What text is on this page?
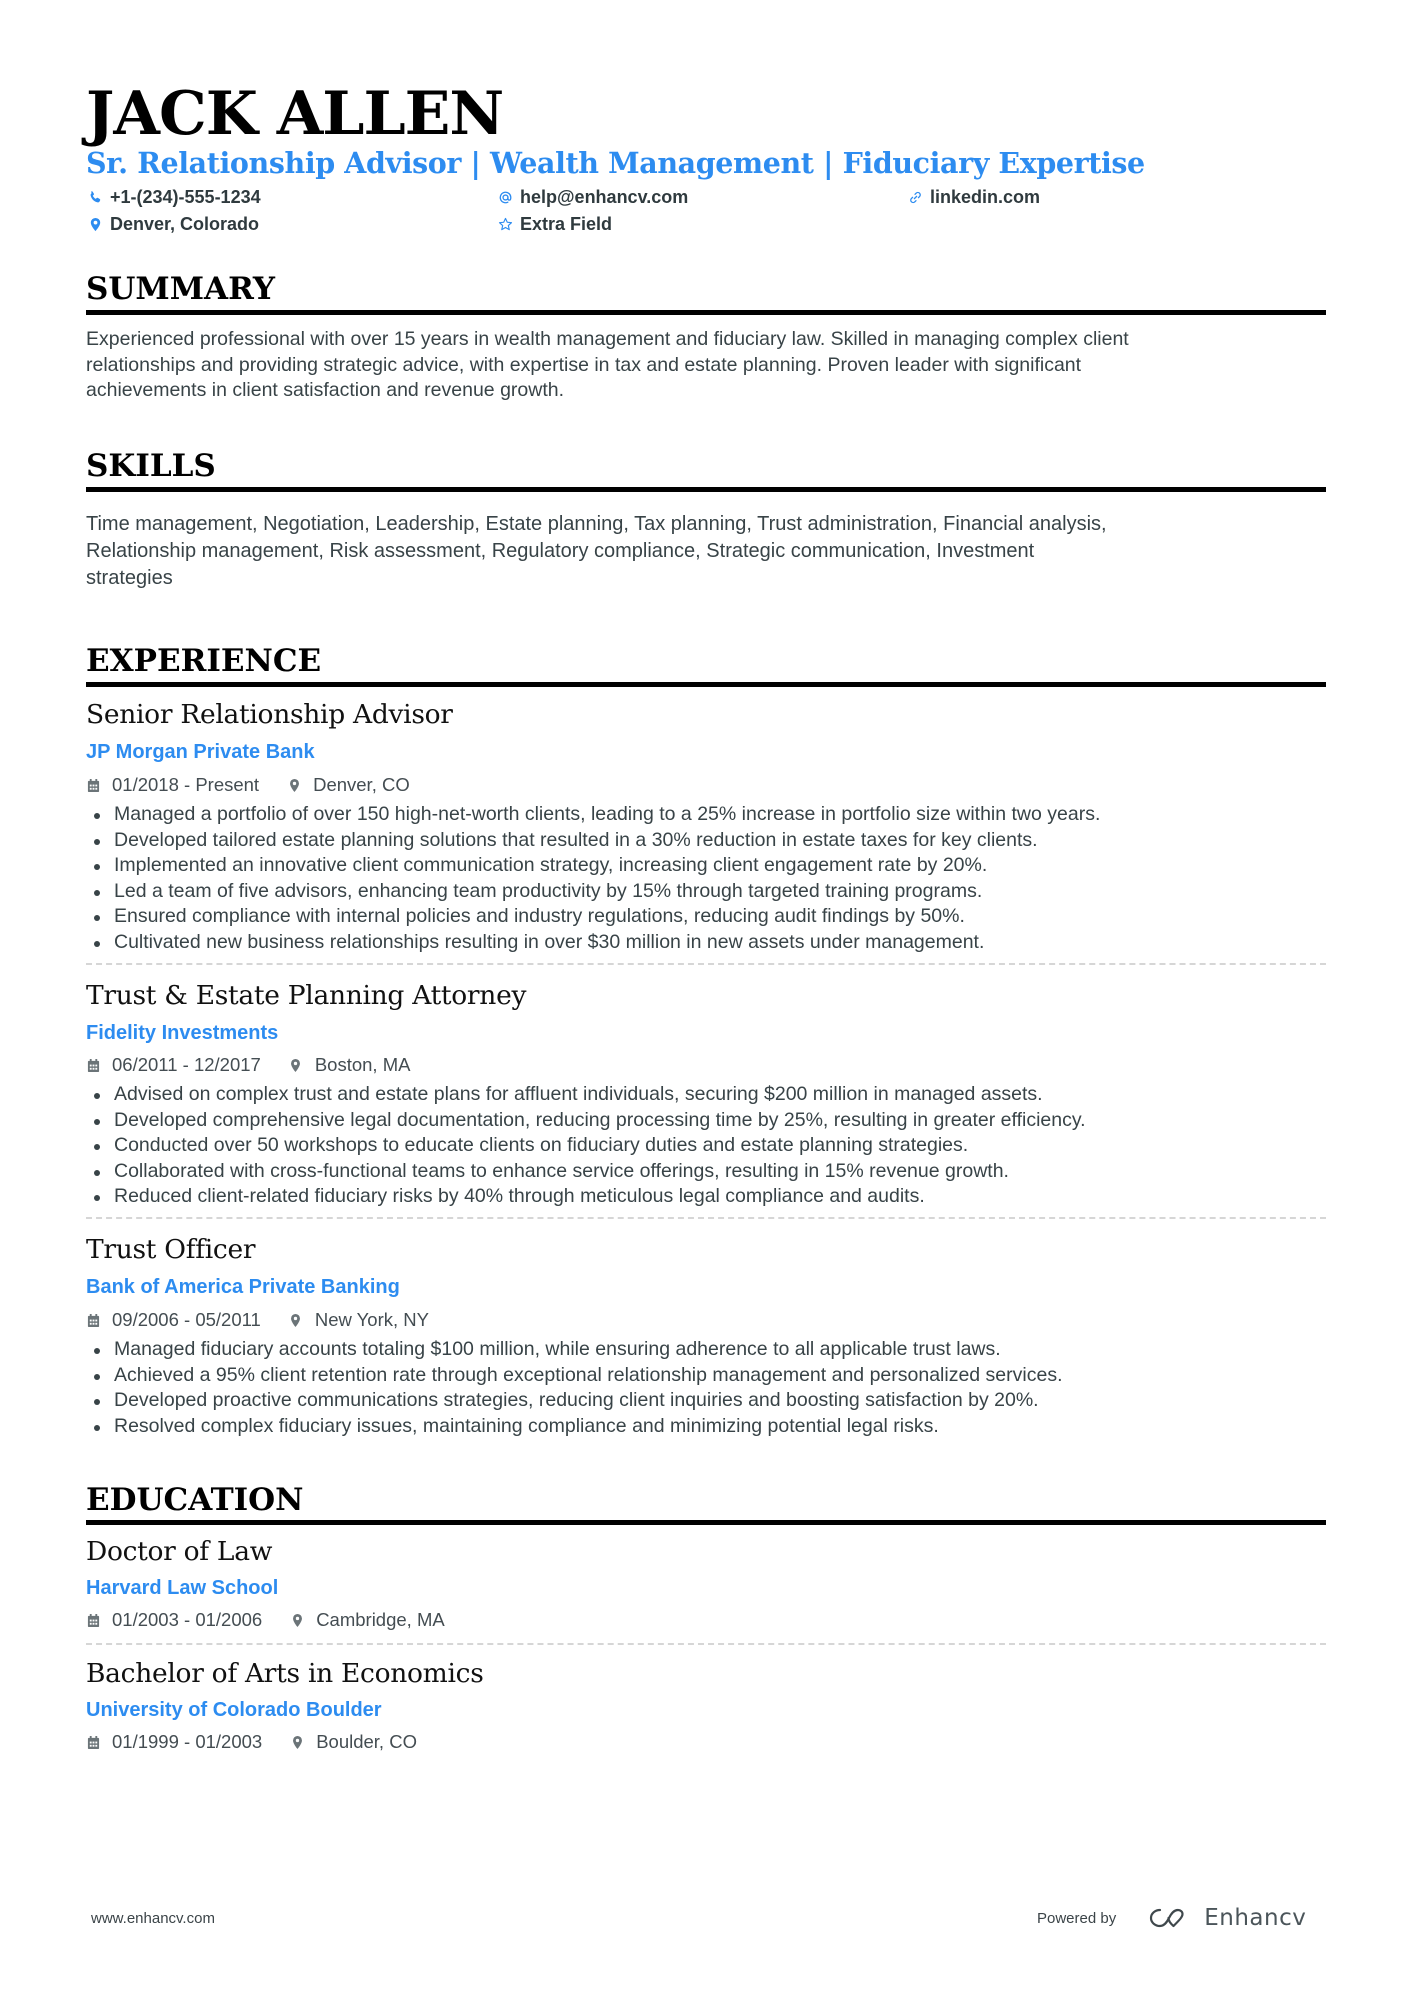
JACK ALLEN
Sr. Relationship Advisor | Wealth Management | Fiduciary Expertise
+1-(234)-555-1234	help@enhancv.com	linkedin.com
Denver, Colorado	Extra Field
SUMMARY
Experienced professional with over 15 years in wealth management and fiduciary law. Skilled in managing complex client
relationships and providing strategic advice, with expertise in tax and estate planning. Proven leader with significant
achievements in client satisfaction and revenue growth.
SKILLS
Time management, Negotiation, Leadership, Estate planning, Tax planning, Trust administration, Financial analysis,
Relationship management, Risk assessment, Regulatory compliance, Strategic communication, Investment
strategies
EXPERIENCE
Senior Relationship Advisor
JP Morgan Private Bank
01/2018 - Present	Denver, CO
Managed a portfolio of over 150 high-net-worth clients, leading to a 25% increase in portfolio size within two years.
Developed tailored estate planning solutions that resulted in a 30% reduction in estate taxes for key clients.
Implemented an innovative client communication strategy, increasing client engagement rate by 20%.
Led a team of five advisors, enhancing team productivity by 15% through targeted training programs.
Ensured compliance with internal policies and industry regulations, reducing audit findings by 50%.
Cultivated new business relationships resulting in over $30 million in new assets under management.
Trust & Estate Planning Attorney
Fidelity Investments
06/2011 - 12/2017	Boston, MA
Advised on complex trust and estate plans for affluent individuals, securing $200 million in managed assets.
Developed comprehensive legal documentation, reducing processing time by 25%, resulting in greater efficiency.
Conducted over 50 workshops to educate clients on fiduciary duties and estate planning strategies.
Collaborated with cross-functional teams to enhance service offerings, resulting in 15% revenue growth.
Reduced client-related fiduciary risks by 40% through meticulous legal compliance and audits.
Trust Officer
Bank of America Private Banking
09/2006 - 05/2011	New York, NY
Managed fiduciary accounts totaling $100 million, while ensuring adherence to all applicable trust laws.
Achieved a 95% client retention rate through exceptional relationship management and personalized services.
Developed proactive communications strategies, reducing client inquiries and boosting satisfaction by 20%.
Resolved complex fiduciary issues, maintaining compliance and minimizing potential legal risks.
EDUCATION
Doctor of Law
Harvard Law School
01/2003 - 01/2006	Cambridge, MA
Bachelor of Arts in Economics
University of Colorado Boulder
01/1999 - 01/2003	Boulder, CO
www.enhancv.com	Powered by	Enhancv
